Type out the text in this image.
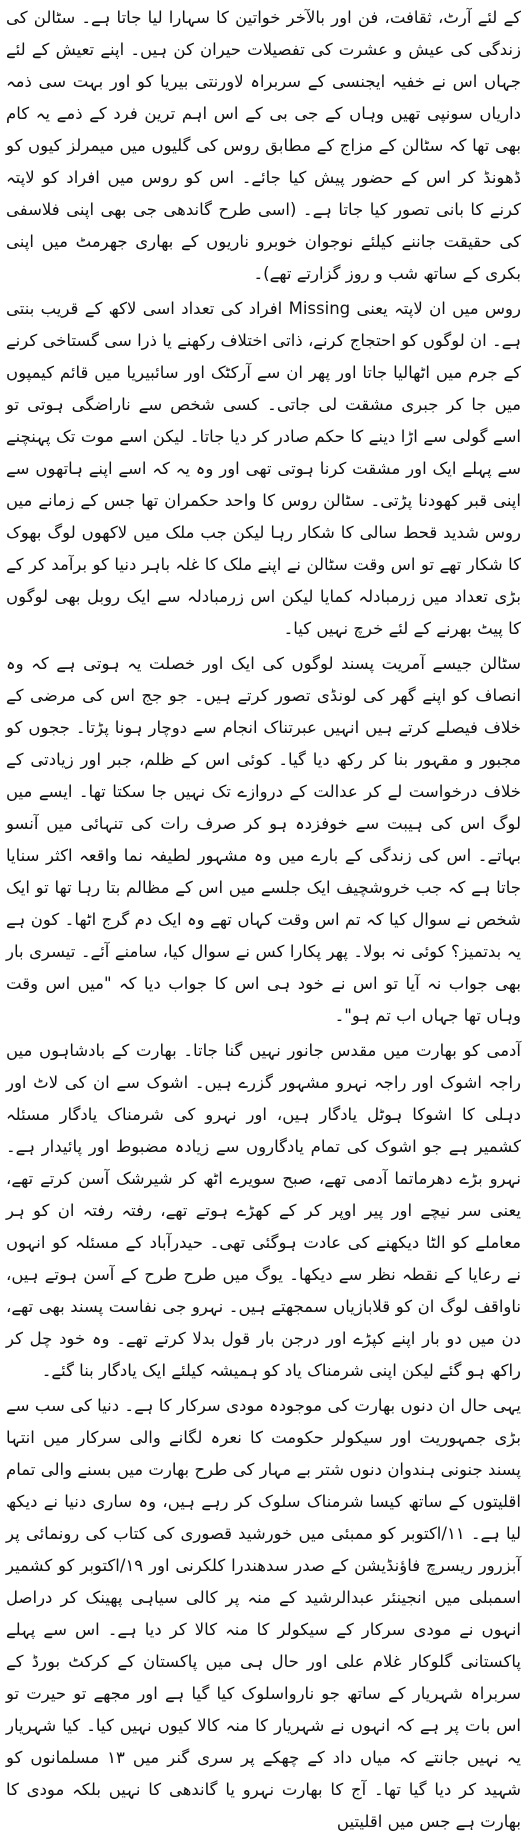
کے لئے آرٹ، ثقافت، فن اور بالآخر خواتین کا سہارا لیا جاتا ہے۔ سٹالن کی زندگی کی عیش و عشرت کی تفصیلات حیران کن ہیں۔ اپنے تعیش کے لئے جہاں اس نے خفیہ ایجنسی کے سربراہ لاورنتی بیریا کو اور بہت سی ذمہ داریاں سونپی تھیں وہاں کے جی بی کے اس اہم ترین فرد کے ذمے یہ کام بھی تھا کہ سٹالن کے مزاج کے مطابق روس کی گلیوں میں میمرلز کیوں کو ڈھونڈ کر اس کے حضور پیش کیا جائے۔ اس کو روس میں افراد کو لاپتہ کرنے کا بانی تصور کیا جاتا ہے۔ (اسی طرح گاندھی جی بھی اپنی فلاسفی کی حقیقت جاننے کیلئے نوجوان خوبرو ناریوں کے بھاری جھرمٹ میں اپنی بکری کے ساتھ شب و روز گزارتے تھے)۔

روس میں ان لاپتہ یعنی Missing افراد کی تعداد اسی لاکھ کے قریب بنتی ہے۔ ان لوگوں کو احتجاج کرنے، ذاتی اختلاف رکھنے یا ذرا سی گستاخی کرنے کے جرم میں اٹھالیا جاتا اور پھر ان سے آرکٹک اور سائبیریا میں قائم کیمپوں میں جا کر جبری مشقت لی جاتی۔ کسی شخص سے ناراضگی ہوتی تو اسے گولی سے اڑا دینے کا حکم صادر کر دیا جاتا۔ لیکن اسے موت تک پہنچنے سے پہلے ایک اور مشقت کرنا ہوتی تھی اور وہ یہ کہ اسے اپنے ہاتھوں سے اپنی قبر کھودنا پڑتی۔ سٹالن روس کا واحد حکمران تھا جس کے زمانے میں روس شدید قحط سالی کا شکار رہا لیکن جب ملک میں لاکھوں لوگ بھوک کا شکار تھے تو اس وقت سٹالن نے اپنے ملک کا غلہ باہر دنیا کو برآمد کر کے بڑی تعداد میں زرمبادلہ کمایا لیکن اس زرمبادلہ سے ایک روبل بھی لوگوں کا پیٹ بھرنے کے لئے خرچ نہیں کیا۔

سٹالن جیسے آمریت پسند لوگوں کی ایک اور خصلت یہ ہوتی ہے کہ وہ انصاف کو اپنے گھر کی لونڈی تصور کرتے ہیں۔ جو جج اس کی مرضی کے خلاف فیصلے کرتے ہیں انہیں عبرتناک انجام سے دوچار ہونا پڑتا۔ ججوں کو مجبور و مقہور بنا کر رکھ دیا گیا۔ کوئی اس کے ظلم، جبر اور زیادتی کے خلاف درخواست لے کر عدالت کے دروازے تک نہیں جا سکتا تھا۔ ایسے میں لوگ اس کی ہیبت سے خوفزدہ ہو کر صرف رات کی تنہائی میں آنسو بہاتے۔ اس کی زندگی کے بارے میں وہ مشہور لطیفہ نما واقعہ اکثر سنایا جاتا ہے کہ جب خروشچیف ایک جلسے میں اس کے مظالم بتا رہا تھا تو ایک شخص نے سوال کیا کہ تم اس وقت کہاں تھے وہ ایک دم گرج اٹھا۔ کون ہے یہ بدتمیز؟ کوئی نہ بولا۔ پھر پکارا کس نے سوال کیا، سامنے آئے۔ تیسری بار بھی جواب نہ آیا تو اس نے خود ہی اس کا جواب دیا کہ "میں اس وقت وہاں تھا جہاں اب تم ہو"۔

آدمی کو بھارت میں مقدس جانور نہیں گنا جاتا۔ بھارت کے بادشاہوں میں راجہ اشوک اور راجہ نہرو مشہور گزرے ہیں۔ اشوک سے ان کی لاٹ اور دہلی کا اشوکا ہوٹل یادگار ہیں، اور نہرو کی شرمناک یادگار مسئلہ کشمیر ہے جو اشوک کی تمام یادگاروں سے زیادہ مضبوط اور پائیدار ہے۔ نہرو بڑے دھرماتما آدمی تھے، صبح سویرے اٹھ کر شیرشک آسن کرتے تھے، یعنی سر نیچے اور پیر اوپر کر کے کھڑے ہوتے تھے، رفتہ رفتہ ان کو ہر معاملے کو الٹا دیکھنے کی عادت ہوگئی تھی۔ حیدرآباد کے مسئلہ کو انہوں نے رعایا کے نقطہ نظر سے دیکھا۔ یوگ میں طرح طرح کے آسن ہوتے ہیں، ناواقف لوگ ان کو قلابازیاں سمجھتے ہیں۔ نہرو جی نفاست پسند بھی تھے، دن میں دو بار اپنے کپڑے اور درجن بار قول بدلا کرتے تھے۔ وہ خود چل کر راکھ ہو گئے لیکن اپنی شرمناک یاد کو ہمیشہ کیلئے ایک یادگار بنا گئے۔

یہی حال ان دنوں بھارت کی موجودہ مودی سرکار کا ہے۔ دنیا کی سب سے بڑی جمہوریت اور سیکولر حکومت کا نعرہ لگانے والی سرکار میں انتہا پسند جنونی ہندوان دنوں شتر بے مہار کی طرح بھارت میں بسنے والی تمام اقلیتوں کے ساتھ کیسا شرمناک سلوک کر رہے ہیں، وہ ساری دنیا نے دیکھ لیا ہے۔ ۱۱/اکتوبر کو ممبئی میں خورشید قصوری کی کتاب کی رونمائی پر آبزرور ریسرچ فاؤنڈیشن کے صدر سدھندرا کلکرنی اور ۱۹/اکتوبر کو کشمیر اسمبلی میں انجینئر عبدالرشید کے منہ پر کالی سیاہی پھینک کر دراصل انہوں نے مودی سرکار کے سیکولر کا منہ کالا کر دیا ہے۔ اس سے پہلے پاکستانی گلوکار غلام علی اور حال ہی میں پاکستان کے کرکٹ بورڈ کے سربراہ شہریار کے ساتھ جو نارواسلوک کیا گیا ہے اور مجھے تو حیرت تو اس بات پر ہے کہ انہوں نے شہریار کا منہ کالا کیوں نہیں کیا۔ کیا شہریار یہ نہیں جانتے کہ میاں داد کے چھکے پر سری گنر میں ۱۳ مسلمانوں کو شہید کر دیا گیا تھا۔ آج کا بھارت نہرو یا گاندھی کا نہیں بلکہ مودی کا بھارت ہے جس میں اقلیتیں
